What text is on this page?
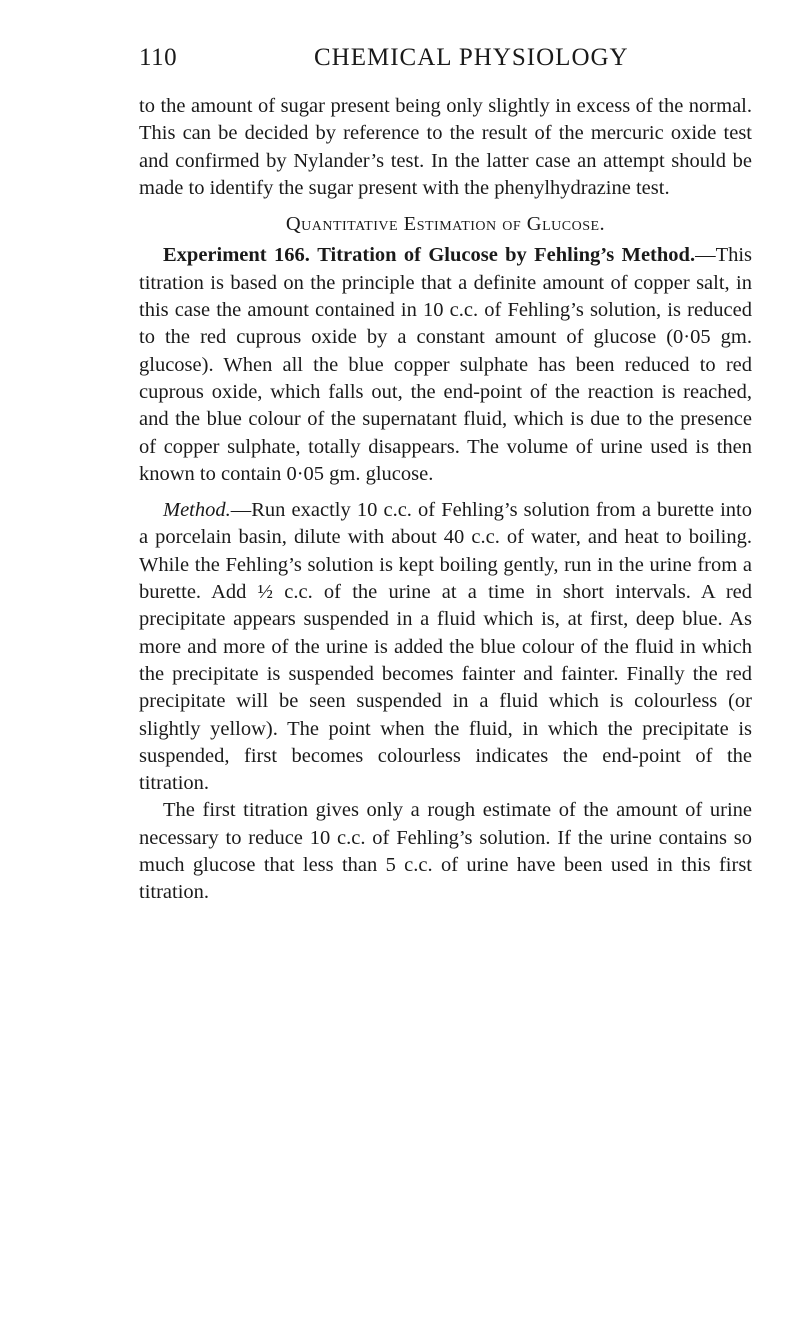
110	CHEMICAL PHYSIOLOGY

to the amount of sugar present being only slightly in excess of the normal. This can be decided by reference to the result of the mercuric oxide test and confirmed by Nylander’s test. In the latter case an attempt should be made to identify the sugar present with the phenylhydrazine test.

Quantitative Estimation of Glucose.

Experiment 166. Titration of Glucose by Fehling’s Method.—This titration is based on the principle that a definite amount of copper salt, in this case the amount contained in 10 c.c. of Fehling’s solution, is reduced to the red cuprous oxide by a constant amount of glucose (0·05 gm. glucose). When all the blue copper sulphate has been reduced to red cuprous oxide, which falls out, the end-point of the reaction is reached, and the blue colour of the supernatant fluid, which is due to the presence of copper sulphate, totally disappears. The volume of urine used is then known to contain 0·05 gm. glucose.

Method.—Run exactly 10 c.c. of Fehling’s solution from a burette into a porcelain basin, dilute with about 40 c.c. of water, and heat to boiling. While the Fehling’s solution is kept boiling gently, run in the urine from a burette. Add ½ c.c. of the urine at a time in short intervals. A red precipitate appears suspended in a fluid which is, at first, deep blue. As more and more of the urine is added the blue colour of the fluid in which the precipitate is suspended becomes fainter and fainter. Finally the red precipitate will be seen suspended in a fluid which is colourless (or slightly yellow). The point when the fluid, in which the precipitate is suspended, first becomes colourless indicates the end-point of the titration.

The first titration gives only a rough estimate of the amount of urine necessary to reduce 10 c.c. of Fehling’s solution. If the urine contains so much glucose that less than 5 c.c. of urine have been used in this first titration.
